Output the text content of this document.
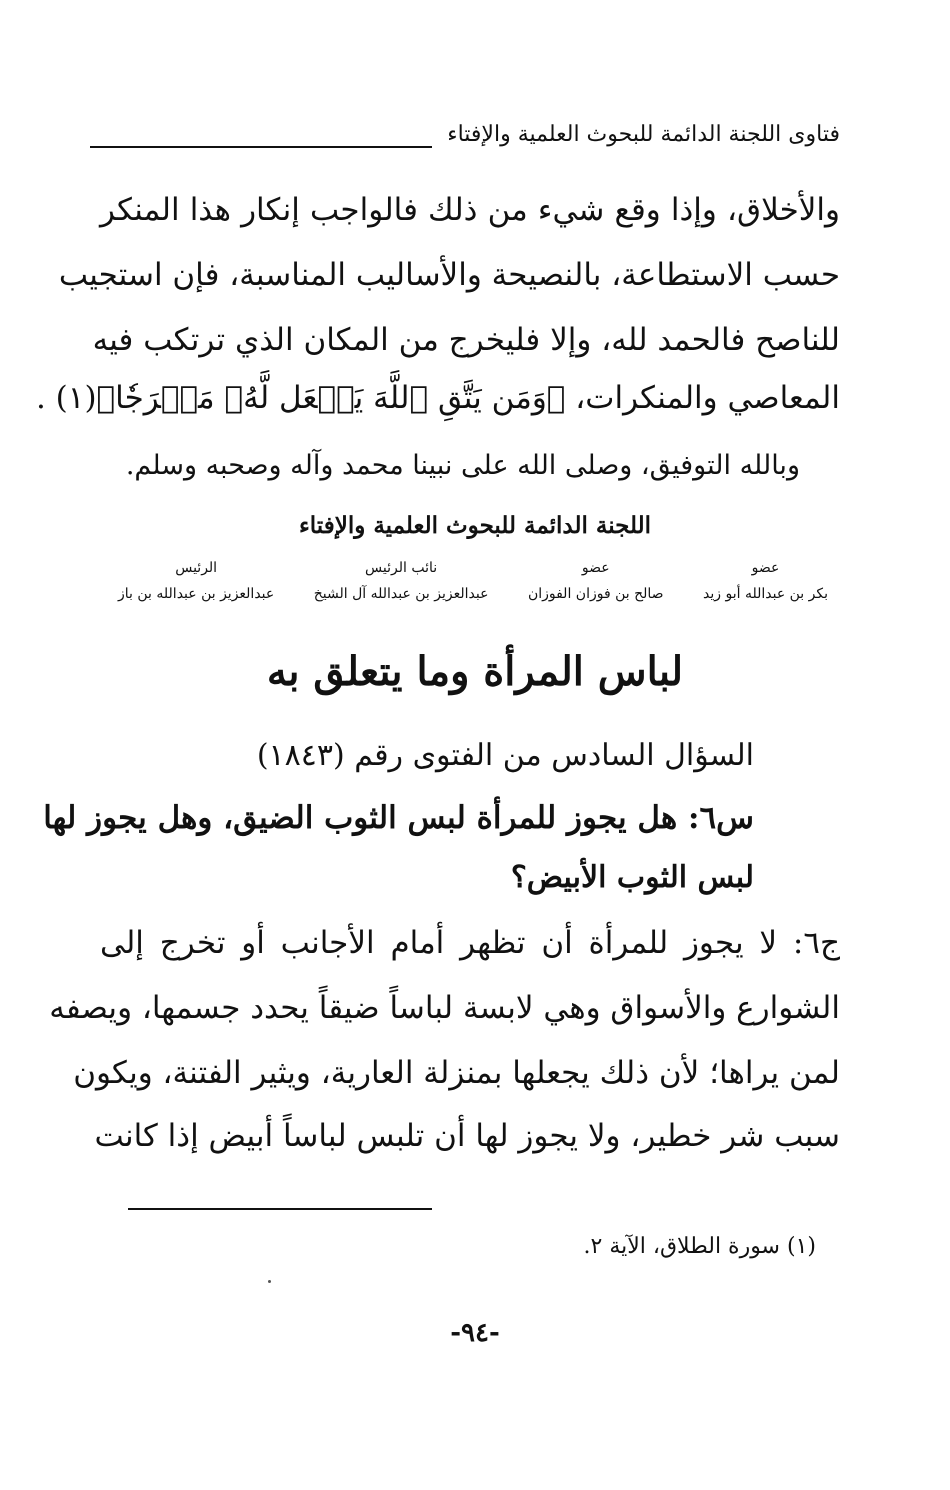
فتاوى اللجنة الدائمة للبحوث العلمية والإفتاء
والأخلاق، وإذا وقع شيء من ذلك فالواجب إنكار هذا المنكر
حسب الاستطاعة، بالنصيحة والأساليب المناسبة، فإن استجيب
للناصح فالحمد لله، وإلا فليخرج من المكان الذي ترتكب فيه
المعاصي والمنكرات، ﴿وَمَن يَتَّقِ ٱللَّهَ يَجۡعَل لَّهُۥ مَخۡرَجٗا﴾(١) .
وبالله التوفيق، وصلى الله على نبينا محمد وآله وصحبه وسلم.
اللجنة الدائمة للبحوث العلمية والإفتاء
عضو
بكر بن عبدالله أبو زيد
عضو
صالح بن فوزان الفوزان
نائب الرئيس
عبدالعزيز بن عبدالله آل الشيخ
الرئيس
عبدالعزيز بن عبدالله بن باز
لباس المرأة وما يتعلق به
السؤال السادس من الفتوى رقم (١٨٤٣)
س٦: هل يجوز للمرأة لبس الثوب الضيق، وهل يجوز لها
لبس الثوب الأبيض؟
ج٦: لا يجوز للمرأة أن تظهر أمام الأجانب أو تخرج إلى
الشوارع والأسواق وهي لابسة لباساً ضيقاً يحدد جسمها، ويصفه
لمن يراها؛ لأن ذلك يجعلها بمنزلة العارية، ويثير الفتنة، ويكون
سبب شر خطير، ولا يجوز لها أن تلبس لباساً أبيض إذا كانت
(١) سورة الطلاق، الآية ٢.
-٩٤-
